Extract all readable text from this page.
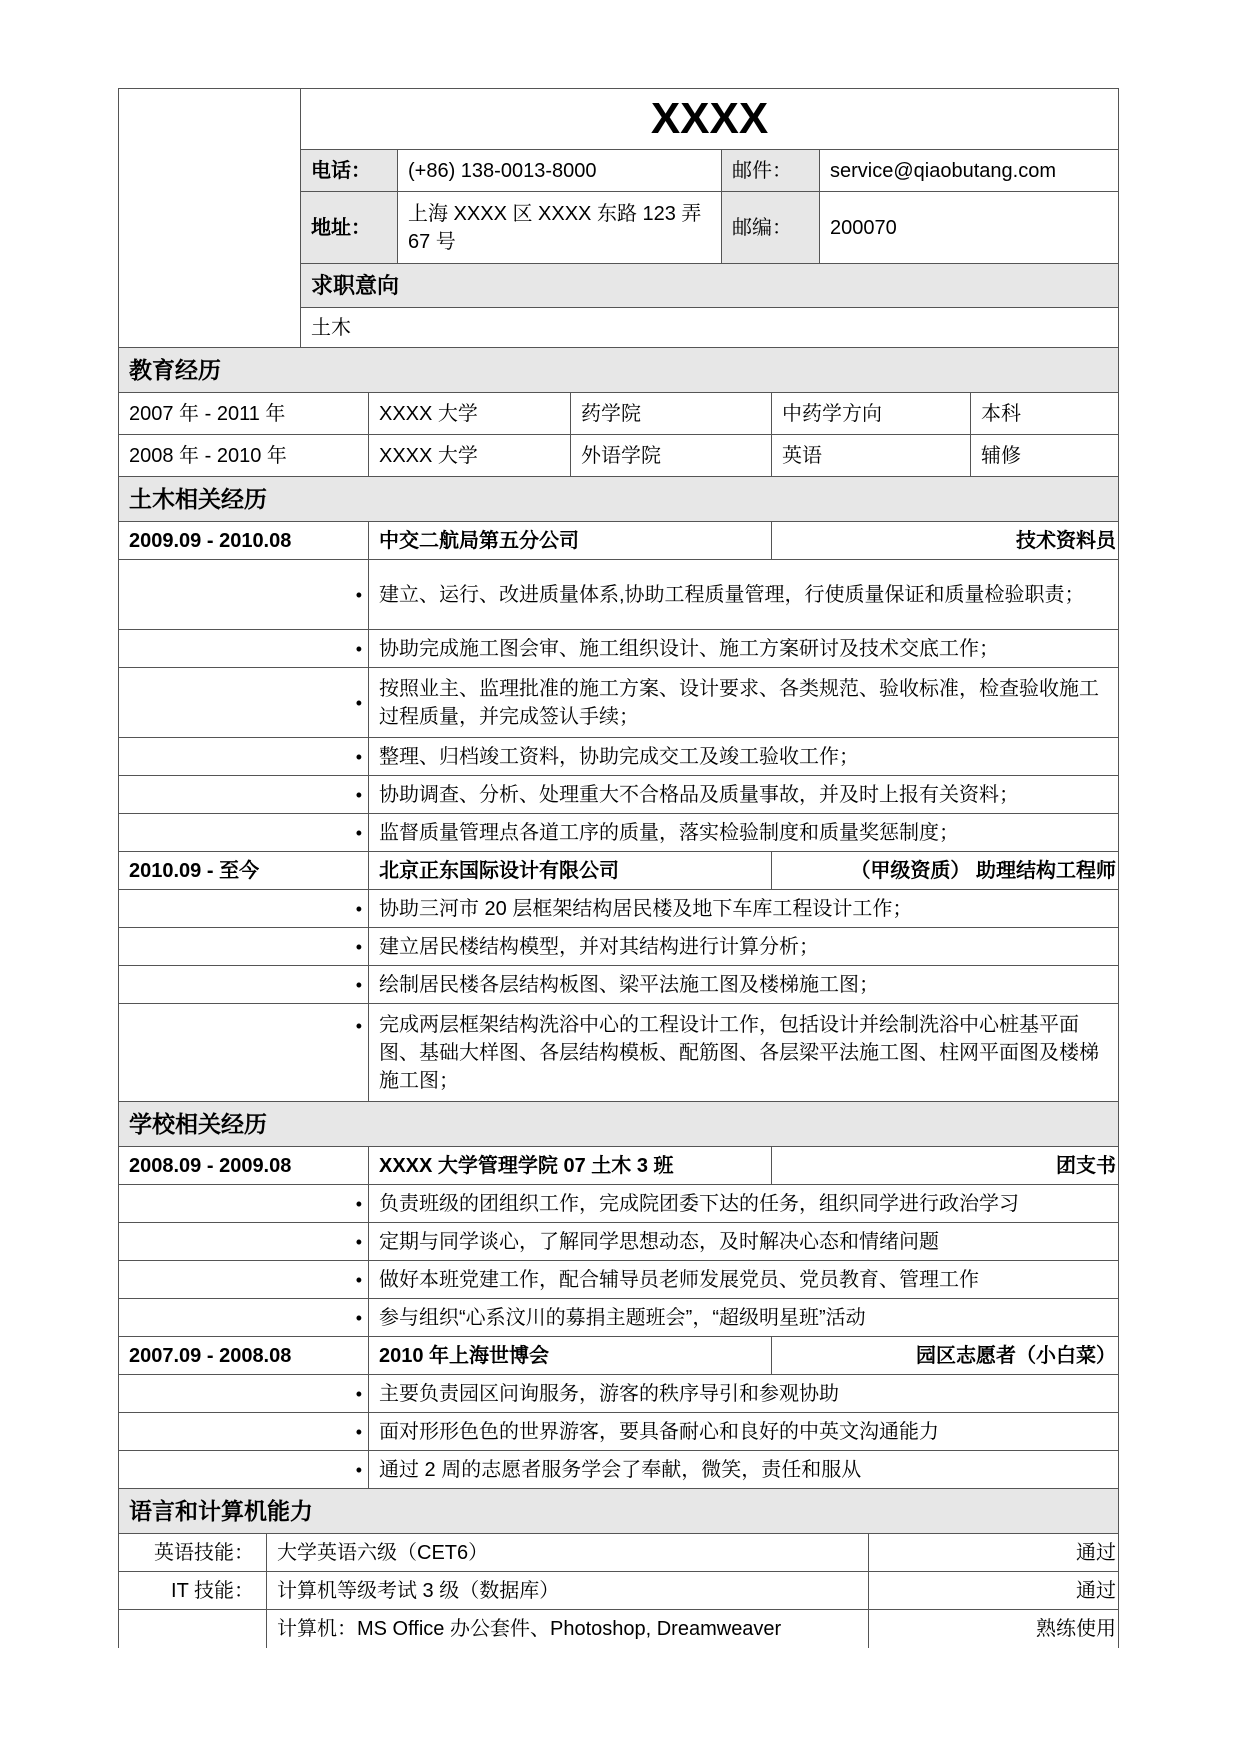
	XXXX			
	电话：	(+86) 138-0013-8000	邮件：	service@qiaobutang.com
	地址：	上海 XXXX 区 XXXX 东路 123 弄 67 号	邮编：	200070
	求职意向			
	土木			
教育经历				
2007 年 - 2011 年	XXXX 大学	药学院	中药学方向	本科
2008 年 - 2010 年	XXXX 大学	外语学院	英语	辅修
土木相关经历		
2009.09 - 2010.08	中交二航局第五分公司	技术资料员
•	建立、运行、改进质量体系,协助工程质量管理，行使质量保证和质量检验职责；	
•	协助完成施工图会审、施工组织设计、施工方案研讨及技术交底工作；	
•	按照业主、监理批准的施工方案、设计要求、各类规范、验收标准，检查验收施工过程质量，并完成签认手续；	
•	整理、归档竣工资料，协助完成交工及竣工验收工作；	
•	协助调查、分析、处理重大不合格品及质量事故，并及时上报有关资料；	
•	监督质量管理点各道工序的质量，落实检验制度和质量奖惩制度；	
2010.09 - 至今	北京正东国际设计有限公司	（甲级资质） 助理结构工程师
•	协助三河市 20 层框架结构居民楼及地下车库工程设计工作；	
•	建立居民楼结构模型，并对其结构进行计算分析；	
•	绘制居民楼各层结构板图、梁平法施工图及楼梯施工图；	
•	完成两层框架结构洗浴中心的工程设计工作，包括设计并绘制洗浴中心桩基平面图、基础大样图、各层结构模板、配筋图、各层梁平法施工图、柱网平面图及楼梯施工图；	
学校相关经历		
2008.09 - 2009.08	XXXX 大学管理学院 07 土木 3 班	团支书
•	负责班级的团组织工作，完成院团委下达的任务，组织同学进行政治学习	
•	定期与同学谈心，了解同学思想动态，及时解决心态和情绪问题	
•	做好本班党建工作，配合辅导员老师发展党员、党员教育、管理工作	
•	参与组织“心系汶川的募捐主题班会”，“超级明星班”活动	
2007.09 - 2008.08	2010 年上海世博会	园区志愿者（小白菜）
•	主要负责园区问询服务，游客的秩序导引和参观协助	
•	面对形形色色的世界游客，要具备耐心和良好的中英文沟通能力	
•	通过 2 周的志愿者服务学会了奉献，微笑，责任和服从	
语言和计算机能力		
英语技能：	大学英语六级（CET6）	通过
IT 技能：	计算机等级考试 3 级（数据库）	通过
	计算机：MS Office 办公套件、Photoshop, Dreamweaver	熟练使用
